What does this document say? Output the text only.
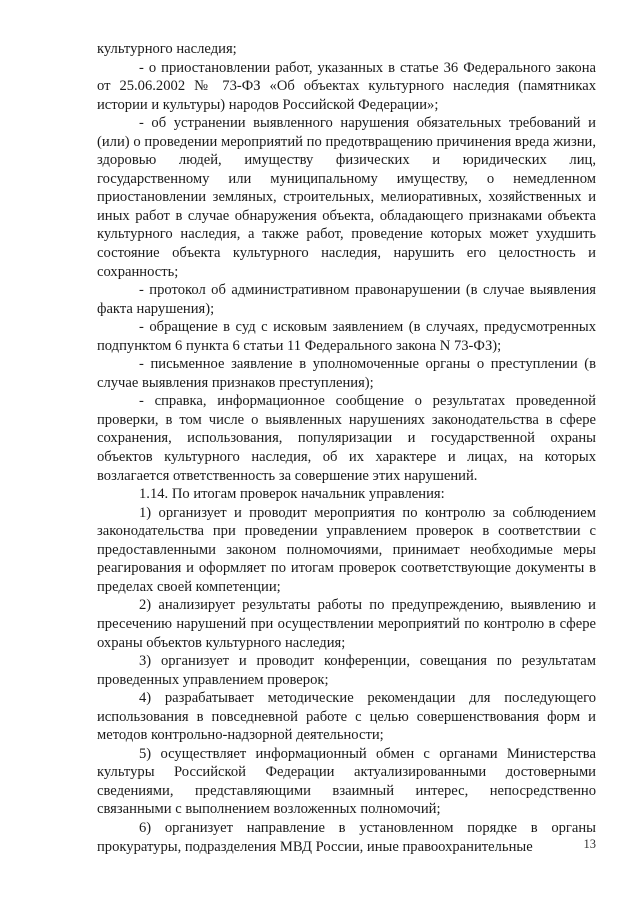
культурного наследия;

- о приостановлении работ, указанных в статье 36 Федерального закона от 25.06.2002 № 73-ФЗ «Об объектах культурного наследия (памятниках истории и культуры) народов Российской Федерации»;

- об устранении выявленного нарушения обязательных требований и (или) о проведении мероприятий по предотвращению причинения вреда жизни, здоровью людей, имуществу физических и юридических лиц, государственному или муниципальному имуществу, о немедленном приостановлении земляных, строительных, мелиоративных, хозяйственных и иных работ в случае обнаружения объекта, обладающего признаками объекта культурного наследия, а также работ, проведение которых может ухудшить состояние объекта культурного наследия, нарушить его целостность и сохранность;

- протокол об административном правонарушении (в случае выявления факта нарушения);

- обращение в суд с исковым заявлением (в случаях, предусмотренных подпунктом 6 пункта 6 статьи 11 Федерального закона N 73-ФЗ);

- письменное заявление в уполномоченные органы о преступлении (в случае выявления признаков преступления);

- справка, информационное сообщение о результатах проведенной проверки, в том числе о выявленных нарушениях законодательства в сфере сохранения, использования, популяризации и государственной охраны объектов культурного наследия, об их характере и лицах, на которых возлагается ответственность за совершение этих нарушений.

1.14. По итогам проверок начальник управления:

1) организует и проводит мероприятия по контролю за соблюдением законодательства при проведении управлением проверок в соответствии с предоставленными законом полномочиями, принимает необходимые меры реагирования и оформляет по итогам проверок соответствующие документы в пределах своей компетенции;

2) анализирует результаты работы по предупреждению, выявлению и пресечению нарушений при осуществлении мероприятий по контролю в сфере охраны объектов культурного наследия;

3) организует и проводит конференции, совещания по результатам проведенных управлением проверок;

4) разрабатывает методические рекомендации для последующего использования в повседневной работе с целью совершенствования форм и методов контрольно-надзорной деятельности;

5) осуществляет информационный обмен с органами Министерства культуры Российской Федерации актуализированными достоверными сведениями, представляющими взаимный интерес, непосредственно связанными с выполнением возложенных полномочий;

6) организует направление в установленном порядке в органы прокуратуры, подразделения МВД России, иные правоохранительные	13
